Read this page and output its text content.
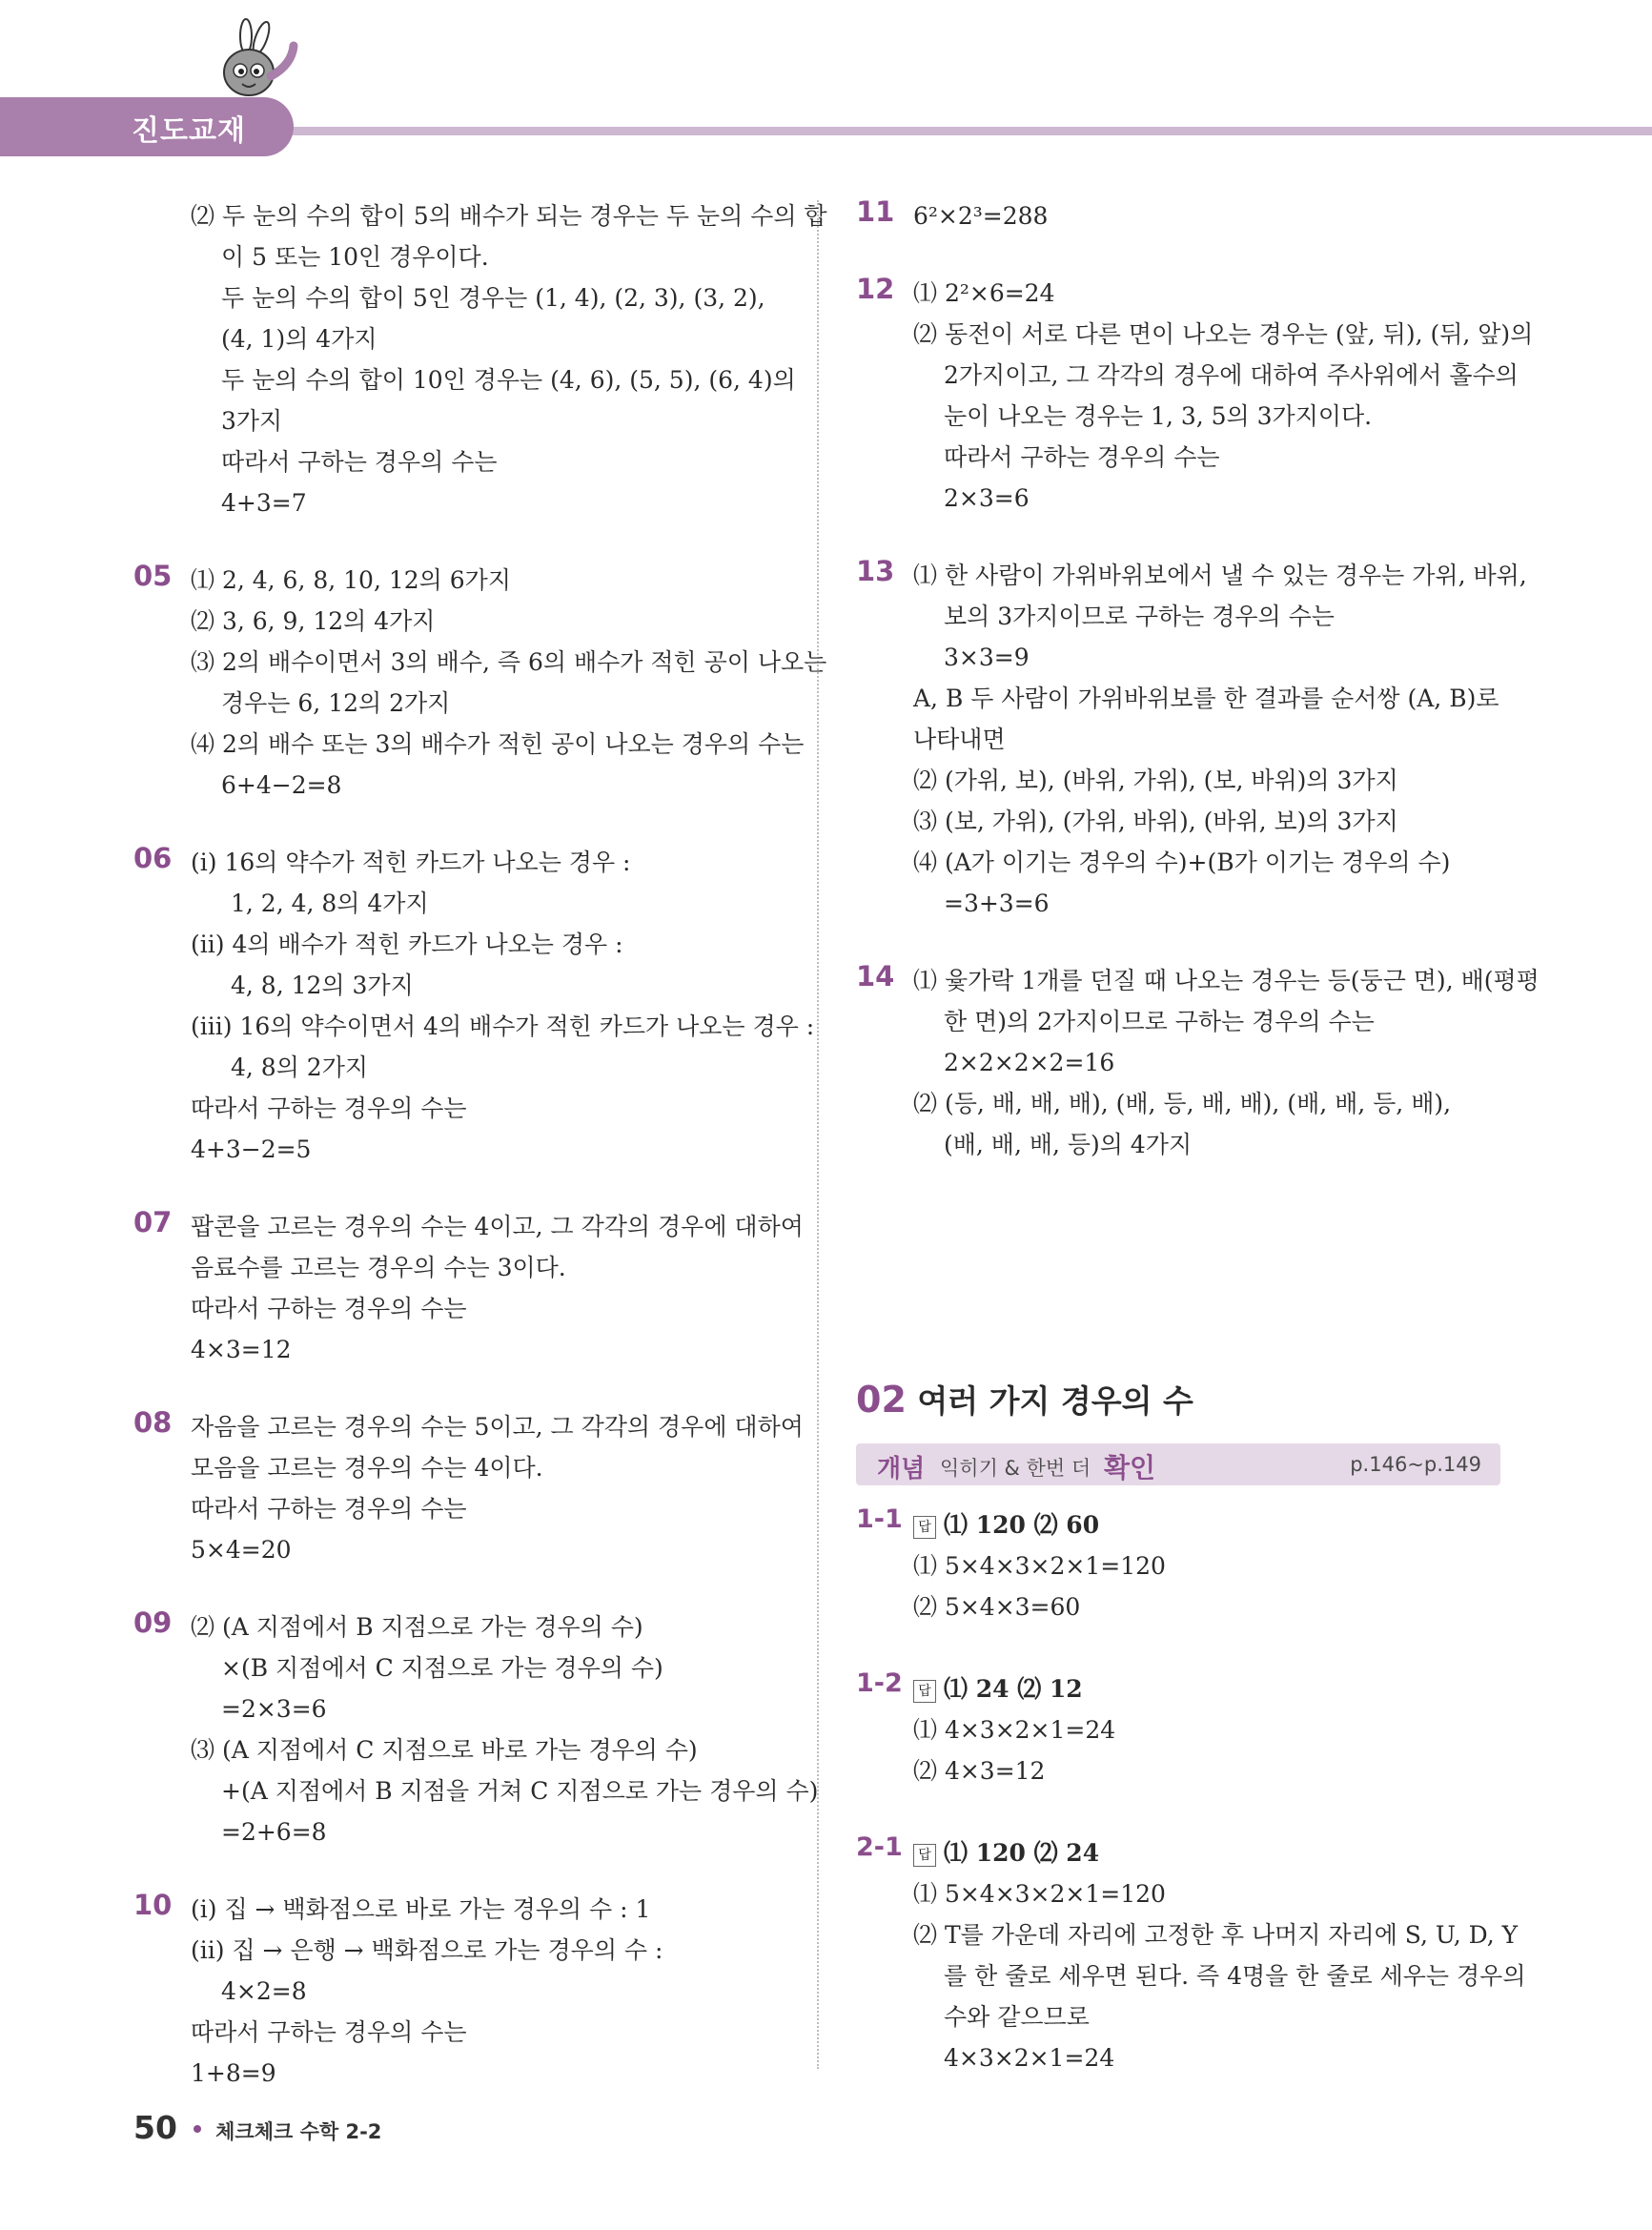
진도교재
⑵ 두 눈의 수의 합이 5의 배수가 되는 경우는 두 눈의 수의 합
이 5 또는 10인 경우이다.
두 눈의 수의 합이 5인 경우는 (1, 4), (2, 3), (3, 2),
(4, 1)의 4가지
두 눈의 수의 합이 10인 경우는 (4, 6), (5, 5), (6, 4)의
3가지
따라서 구하는 경우의 수는
4+3=7
05 ⑴ 2, 4, 6, 8, 10, 12의 6가지
⑵ 3, 6, 9, 12의 4가지
⑶ 2의 배수이면서 3의 배수, 즉 6의 배수가 적힌 공이 나오는
경우는 6, 12의 2가지
⑷ 2의 배수 또는 3의 배수가 적힌 공이 나오는 경우의 수는
6+4−2=8
06 (i) 16의 약수가 적힌 카드가 나오는 경우 :
1, 2, 4, 8의 4가지
(ii) 4의 배수가 적힌 카드가 나오는 경우 :
4, 8, 12의 3가지
(iii) 16의 약수이면서 4의 배수가 적힌 카드가 나오는 경우 :
4, 8의 2가지
따라서 구하는 경우의 수는
4+3−2=5
07 팝콘을 고르는 경우의 수는 4이고, 그 각각의 경우에 대하여
음료수를 고르는 경우의 수는 3이다.
따라서 구하는 경우의 수는
4×3=12
08 자음을 고르는 경우의 수는 5이고, 그 각각의 경우에 대하여
모음을 고르는 경우의 수는 4이다.
따라서 구하는 경우의 수는
5×4=20
09 ⑵ (A 지점에서 B 지점으로 가는 경우의 수)
×(B 지점에서 C 지점으로 가는 경우의 수)
=2×3=6
⑶ (A 지점에서 C 지점으로 바로 가는 경우의 수)
+(A 지점에서 B 지점을 거쳐 C 지점으로 가는 경우의 수)
=2+6=8
10 (i) 집 → 백화점으로 바로 가는 경우의 수 : 1
(ii) 집 → 은행 → 백화점으로 가는 경우의 수 :
4×2=8
따라서 구하는 경우의 수는
1+8=9
11 6²×2³=288
12 ⑴ 2²×6=24
⑵ 동전이 서로 다른 면이 나오는 경우는 (앞, 뒤), (뒤, 앞)의
2가지이고, 그 각각의 경우에 대하여 주사위에서 홀수의
눈이 나오는 경우는 1, 3, 5의 3가지이다.
따라서 구하는 경우의 수는
2×3=6
13 ⑴ 한 사람이 가위바위보에서 낼 수 있는 경우는 가위, 바위,
보의 3가지이므로 구하는 경우의 수는
3×3=9
A, B 두 사람이 가위바위보를 한 결과를 순서쌍 (A, B)로
나타내면
⑵ (가위, 보), (바위, 가위), (보, 바위)의 3가지
⑶ (보, 가위), (가위, 바위), (바위, 보)의 3가지
⑷ (A가 이기는 경우의 수)+(B가 이기는 경우의 수)
=3+3=6
14 ⑴ 윷가락 1개를 던질 때 나오는 경우는 등(둥근 면), 배(평평
한 면)의 2가지이므로 구하는 경우의 수는
2×2×2×2=16
⑵ (등, 배, 배, 배), (배, 등, 배, 배), (배, 배, 등, 배),
(배, 배, 배, 등)의 4가지
02 여러 가지 경우의 수
개념 익히기 & 한번 더 확인	p.146~p.149
1-1	답 ⑴ 120 ⑵ 60
⑴ 5×4×3×2×1=120
⑵ 5×4×3=60
1-2	답 ⑴ 24 ⑵ 12
⑴ 4×3×2×1=24
⑵ 4×3=12
2-1	답 ⑴ 120 ⑵ 24
⑴ 5×4×3×2×1=120
⑵ T를 가운데 자리에 고정한 후 나머지 자리에 S, U, D, Y
를 한 줄로 세우면 된다. 즉 4명을 한 줄로 세우는 경우의
수와 같으므로
4×3×2×1=24
50 체크체크 수학 2-2
